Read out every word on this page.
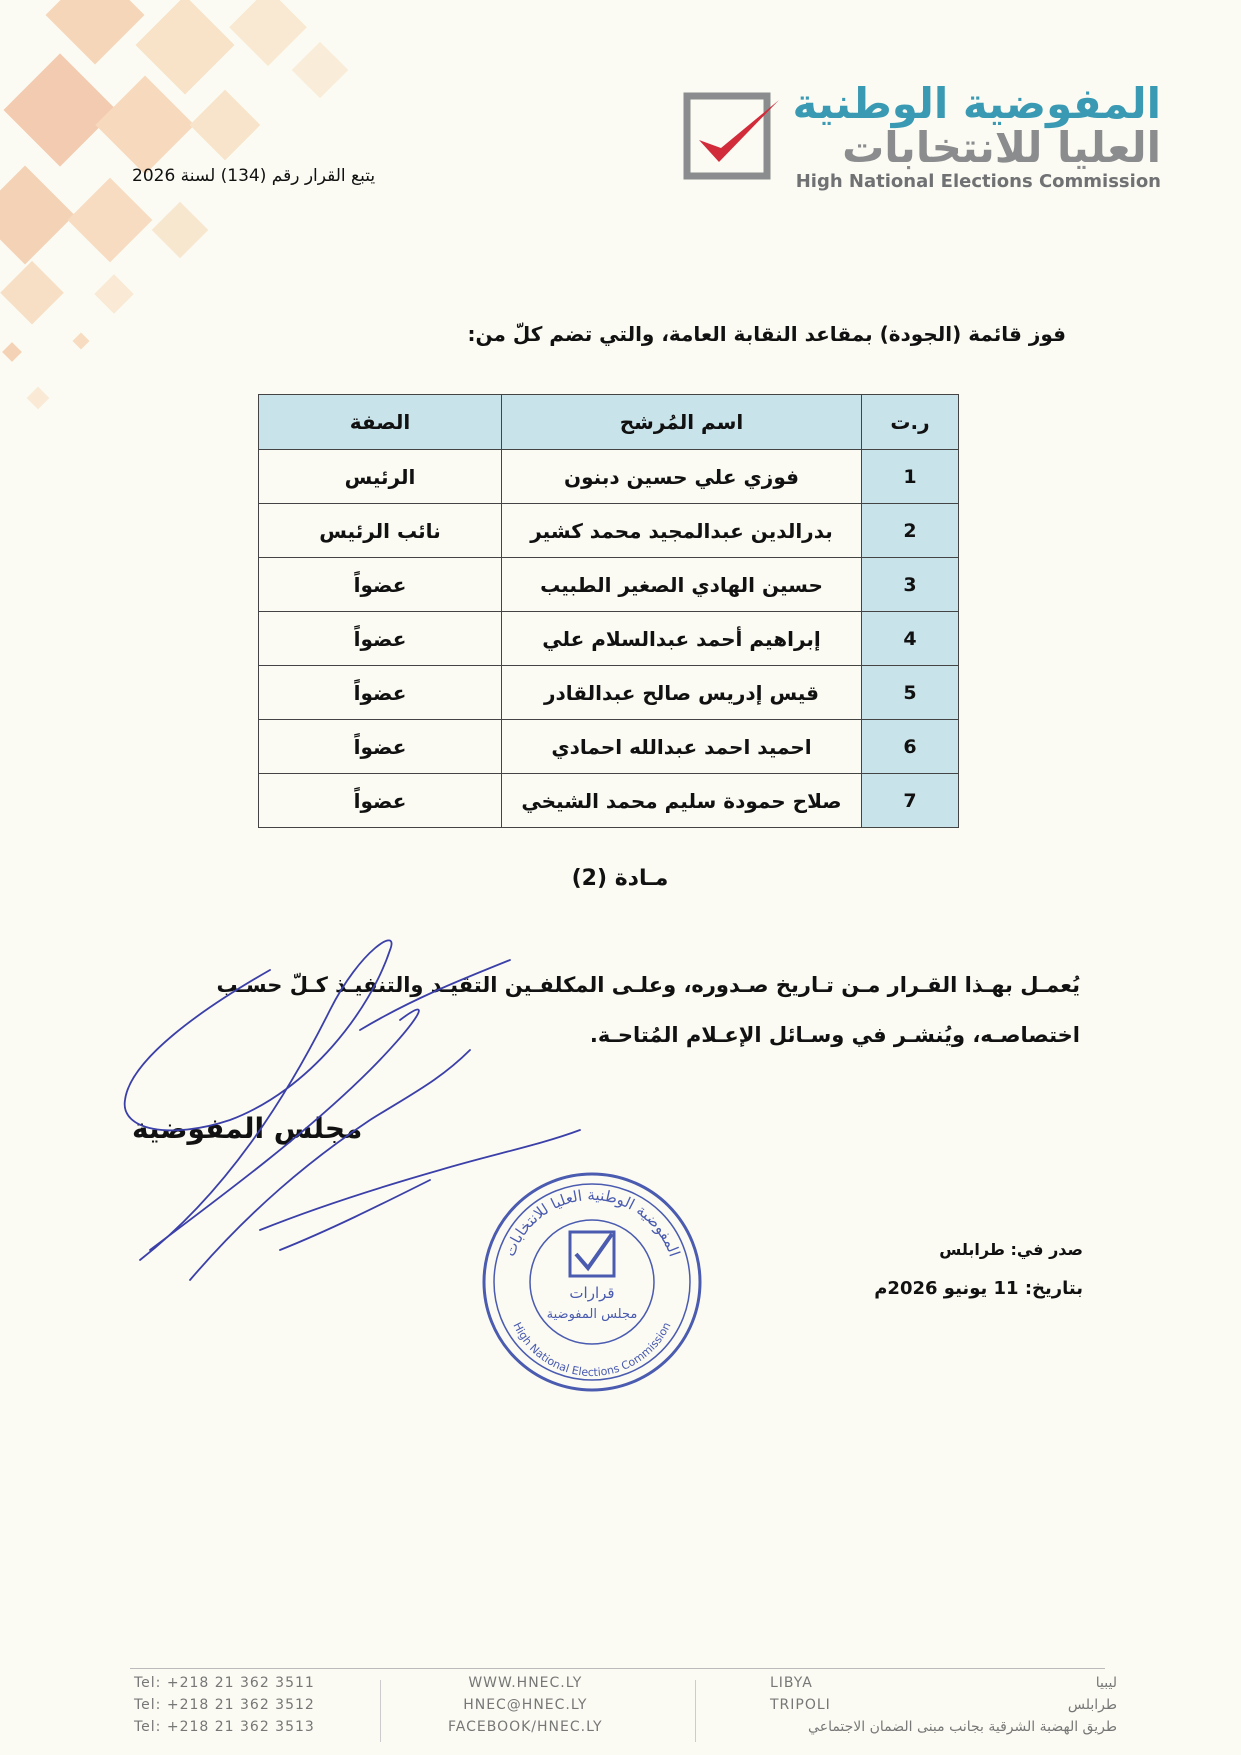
المفوضية الوطنية
العليا للانتخابات
High National Elections Commission
يتبع القرار رقم (134) لسنة 2026
فوز قائمة (الجودة) بمقاعد النقابة العامة، والتي تضم كلّ من:
ر.ت	اسم المُرشح	الصفة
1	فوزي علي حسين دبنون	الرئيس
2	بدرالدين عبدالمجيد محمد كشير	نائب الرئيس
3	حسين الهادي الصغير الطبيب	عضواً
4	إبراهيم أحمد عبدالسلام علي	عضواً
5	قيس إدريس صالح عبدالقادر	عضواً
6	احميد احمد عبدالله احمادي	عضواً
7	صلاح حمودة سليم محمد الشيخي	عضواً
مـادة (2)
يُعمـل بهـذا القـرار مـن تـاريخ صـدوره، وعلـى المكلفـين التقيـد والتنفيـذ كـلّ حسـب اختصاصـه، ويُنشـر في وسـائل الإعـلام المُتاحـة.
مجلس المفوضية
المفوضية الوطنية العليا للانتخابات
High National Elections Commission
قرارات
مجلس المفوضية
صدر في: طرابلس
بتاريخ: 11 يونيو 2026م
Tel: +218 21 362 3511
Tel: +218 21 362 3512
Tel: +218 21 362 3513
WWW.HNEC.LY
HNEC@HNEC.LY
FACEBOOK/HNEC.LY
LIBYA
TRIPOLI
ليبيا
طرابلس
طريق الهضبة الشرقية بجانب مبنى الضمان الاجتماعي
